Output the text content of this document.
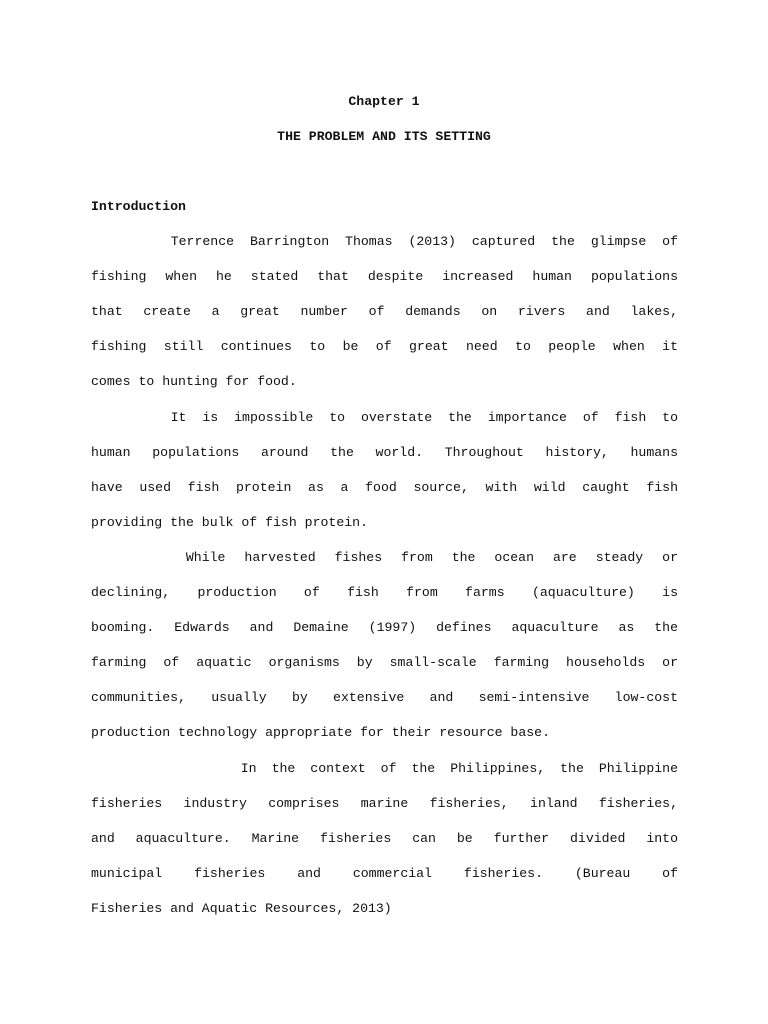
Chapter 1
THE PROBLEM AND ITS SETTING
Introduction
Terrence Barrington Thomas (2013) captured the glimpse of
fishing when he stated that despite increased human populations
that create a great number of demands on rivers and lakes,
fishing still continues to be of great need to people when it
comes to hunting for food.
It is impossible to overstate the importance of fish to
human populations around the world. Throughout history, humans
have used fish protein as a food source, with wild caught fish
providing the bulk of fish protein.
While harvested fishes from the ocean are steady or
declining, production of fish from farms (aquaculture) is
booming. Edwards and Demaine (1997) defines aquaculture as the
farming of aquatic organisms by small-scale farming households or
communities, usually by extensive and semi-intensive low-cost
production technology appropriate for their resource base.
In the context of the Philippines, the Philippine
fisheries industry comprises marine fisheries, inland fisheries,
and aquaculture. Marine fisheries can be further divided into
municipal fisheries and commercial fisheries. (Bureau of
Fisheries and Aquatic Resources, 2013)
